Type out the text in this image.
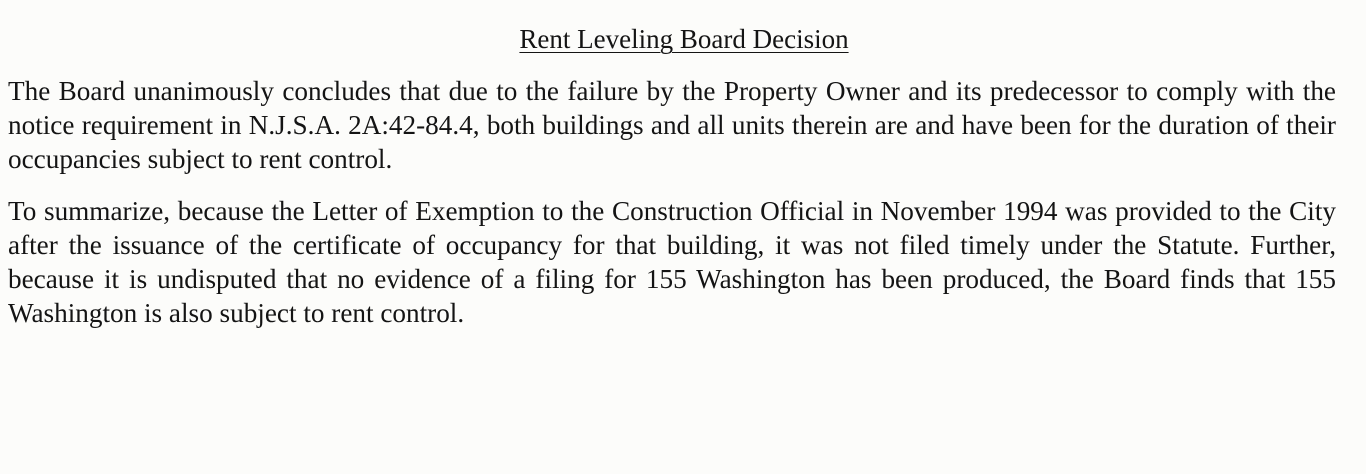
Rent Leveling Board Decision

The Board unanimously concludes that due to the failure by the Property Owner and its predecessor to comply with the notice requirement in N.J.S.A. 2A:42-84.4, both buildings and all units therein are and have been for the duration of their occupancies subject to rent control.

To summarize, because the Letter of Exemption to the Construction Official in November 1994 was provided to the City after the issuance of the certificate of occupancy for that building, it was not filed timely under the Statute. Further, because it is undisputed that no evidence of a filing for 155 Washington has been produced, the Board finds that 155 Washington is also subject to rent control.
